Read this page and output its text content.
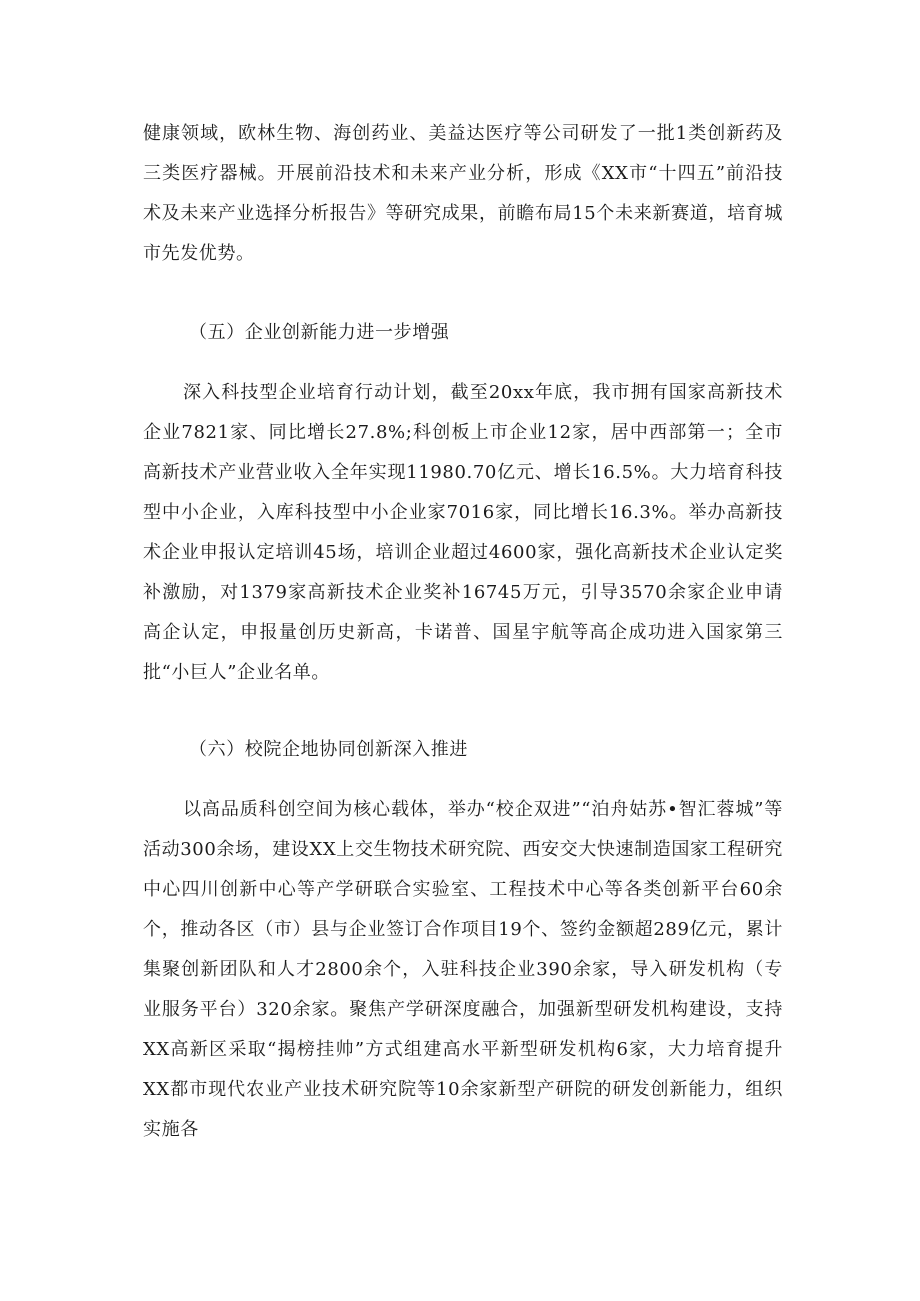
健康领域，欧林生物、海创药业、美益达医疗等公司研发了一批1类创新药及三类医疗器械。开展前沿技术和未来产业分析，形成《XX市“十四五”前沿技术及未来产业选择分析报告》等研究成果，前瞻布局15个未来新赛道，培育城市先发优势。

（五）企业创新能力进一步增强

深入科技型企业培育行动计划，截至20xx年底，我市拥有国家高新技术企业7821家、同比增长27.8%;科创板上市企业12家，居中西部第一；全市高新技术产业营业收入全年实现11980.70亿元、增长16.5%。大力培育科技型中小企业，入库科技型中小企业家7016家，同比增长16.3%。举办高新技术企业申报认定培训45场，培训企业超过4600家，强化高新技术企业认定奖补激励，对1379家高新技术企业奖补16745万元，引导3570余家企业申请高企认定，申报量创历史新高，卡诺普、国星宇航等高企成功进入国家第三批“小巨人”企业名单。

（六）校院企地协同创新深入推进

以高品质科创空间为核心载体，举办“校企双进”“泊舟姑苏•智汇蓉城”等活动300余场，建设XX上交生物技术研究院、西安交大快速制造国家工程研究中心四川创新中心等产学研联合实验室、工程技术中心等各类创新平台60余个，推动各区（市）县与企业签订合作项目19个、签约金额超289亿元，累计集聚创新团队和人才2800余个，入驻科技企业390余家，导入研发机构（专业服务平台）320余家。聚焦产学研深度融合，加强新型研发机构建设，支持XX高新区采取“揭榜挂帅”方式组建高水平新型研发机构6家，大力培育提升XX都市现代农业产业技术研究院等10余家新型产研院的研发创新能力，组织实施各
